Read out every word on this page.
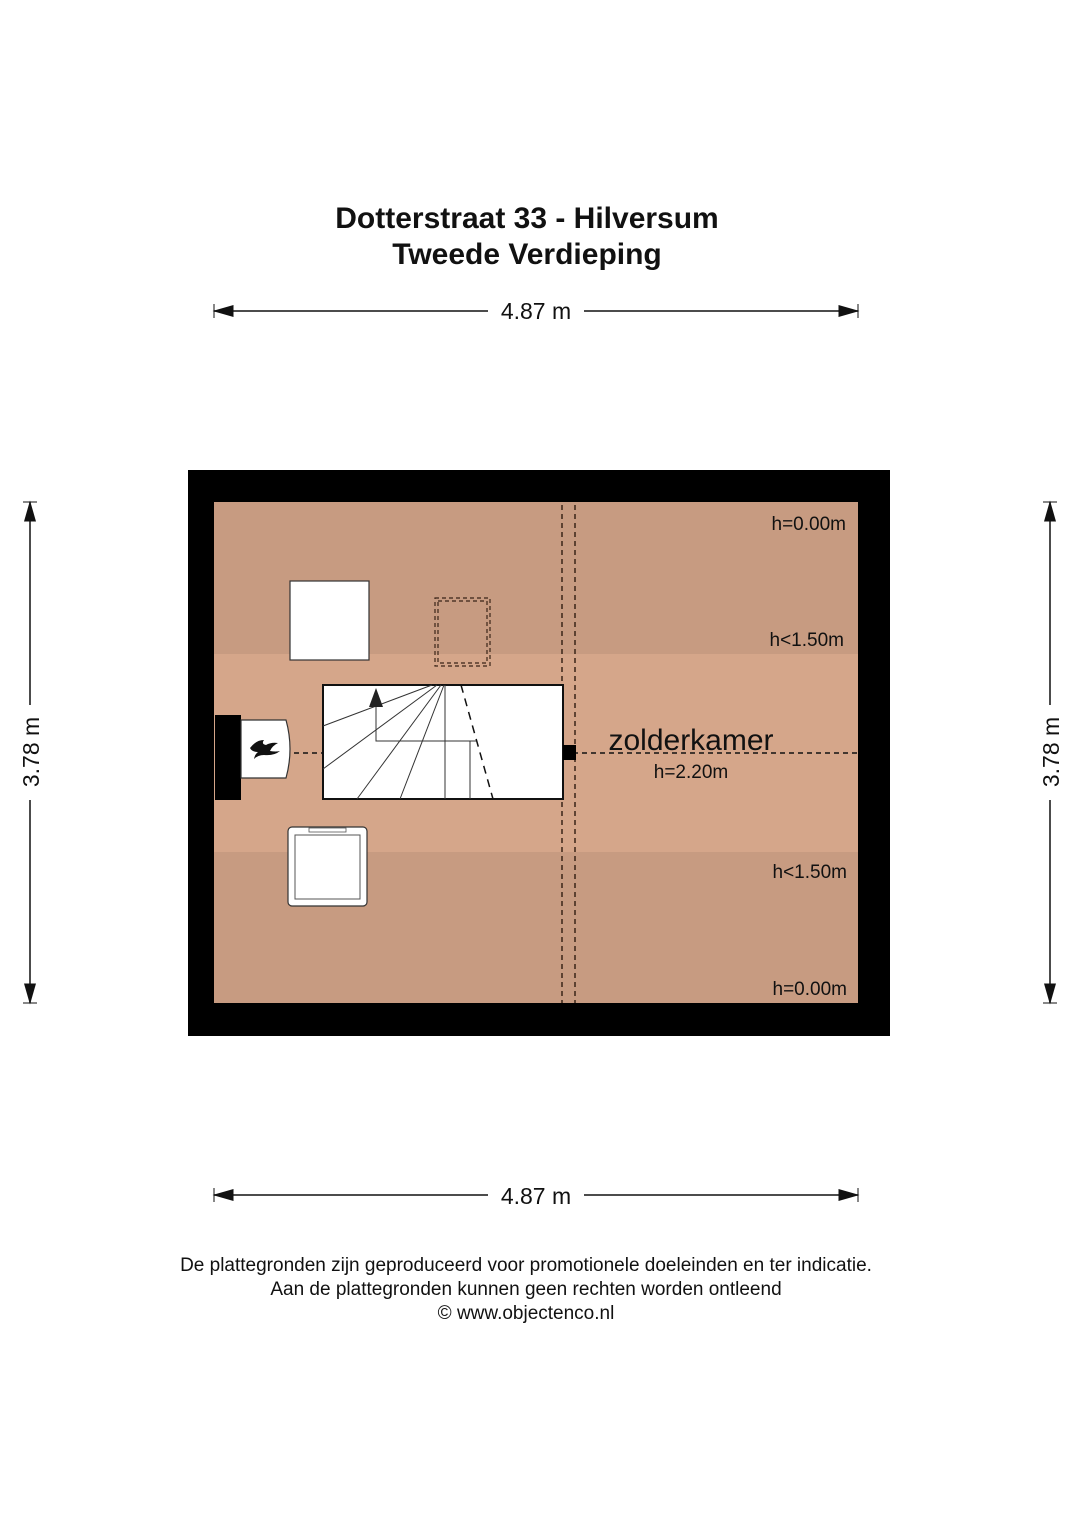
Dotterstraat 33 - Hilversum
Tweede Verdieping
4.87 m
4.87 m
3.78 m	3.78 m
zolderkamer
h=2.20m
h=0.00m
h<1.50m
h<1.50m
h=0.00m
De plattegronden zijn geproduceerd voor promotionele doeleinden en ter indicatie.
Aan de plattegronden kunnen geen rechten worden ontleend
© www.objectenco.nl
